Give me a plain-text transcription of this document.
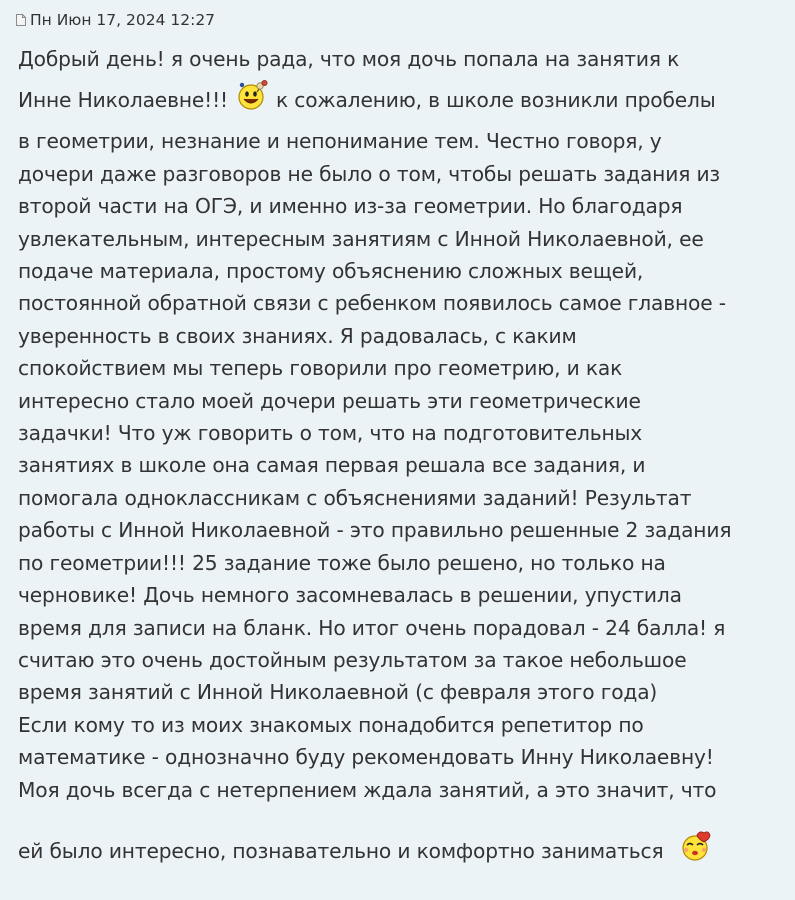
Пн Июн 17, 2024 12:27
Добрый день! я очень рада, что моя дочь попала на занятия к
Инне Николаевне!!! к сожалению, в школе возникли пробелы
в геометрии, незнание и непонимание тем. Честно говоря, у
дочери даже разговоров не было о том, чтобы решать задания из
второй части на ОГЭ, и именно из-за геометрии. Но благодаря
увлекательным, интересным занятиям с Инной Николаевной, ее
подаче материала, простому объяснению сложных вещей,
постоянной обратной связи с ребенком появилось самое главное -
уверенность в своих знаниях. Я радовалась, с каким
спокойствием мы теперь говорили про геометрию, и как
интересно стало моей дочери решать эти геометрические
задачки! Что уж говорить о том, что на подготовительных
занятиях в школе она самая первая решала все задания, и
помогала одноклассникам с объяснениями заданий! Результат
работы с Инной Николаевной - это правильно решенные 2 задания
по геометрии!!! 25 задание тоже было решено, но только на
черновике! Дочь немного засомневалась в решении, упустила
время для записи на бланк. Но итог очень порадовал - 24 балла! я
считаю это очень достойным результатом за такое небольшое
время занятий с Инной Николаевной (с февраля этого года)
Если кому то из моих знакомых понадобится репетитор по
математике - однозначно буду рекомендовать Инну Николаевну!
Моя дочь всегда с нетерпением ждала занятий, а это значит, что
ей было интересно, познавательно и комфортно заниматься
